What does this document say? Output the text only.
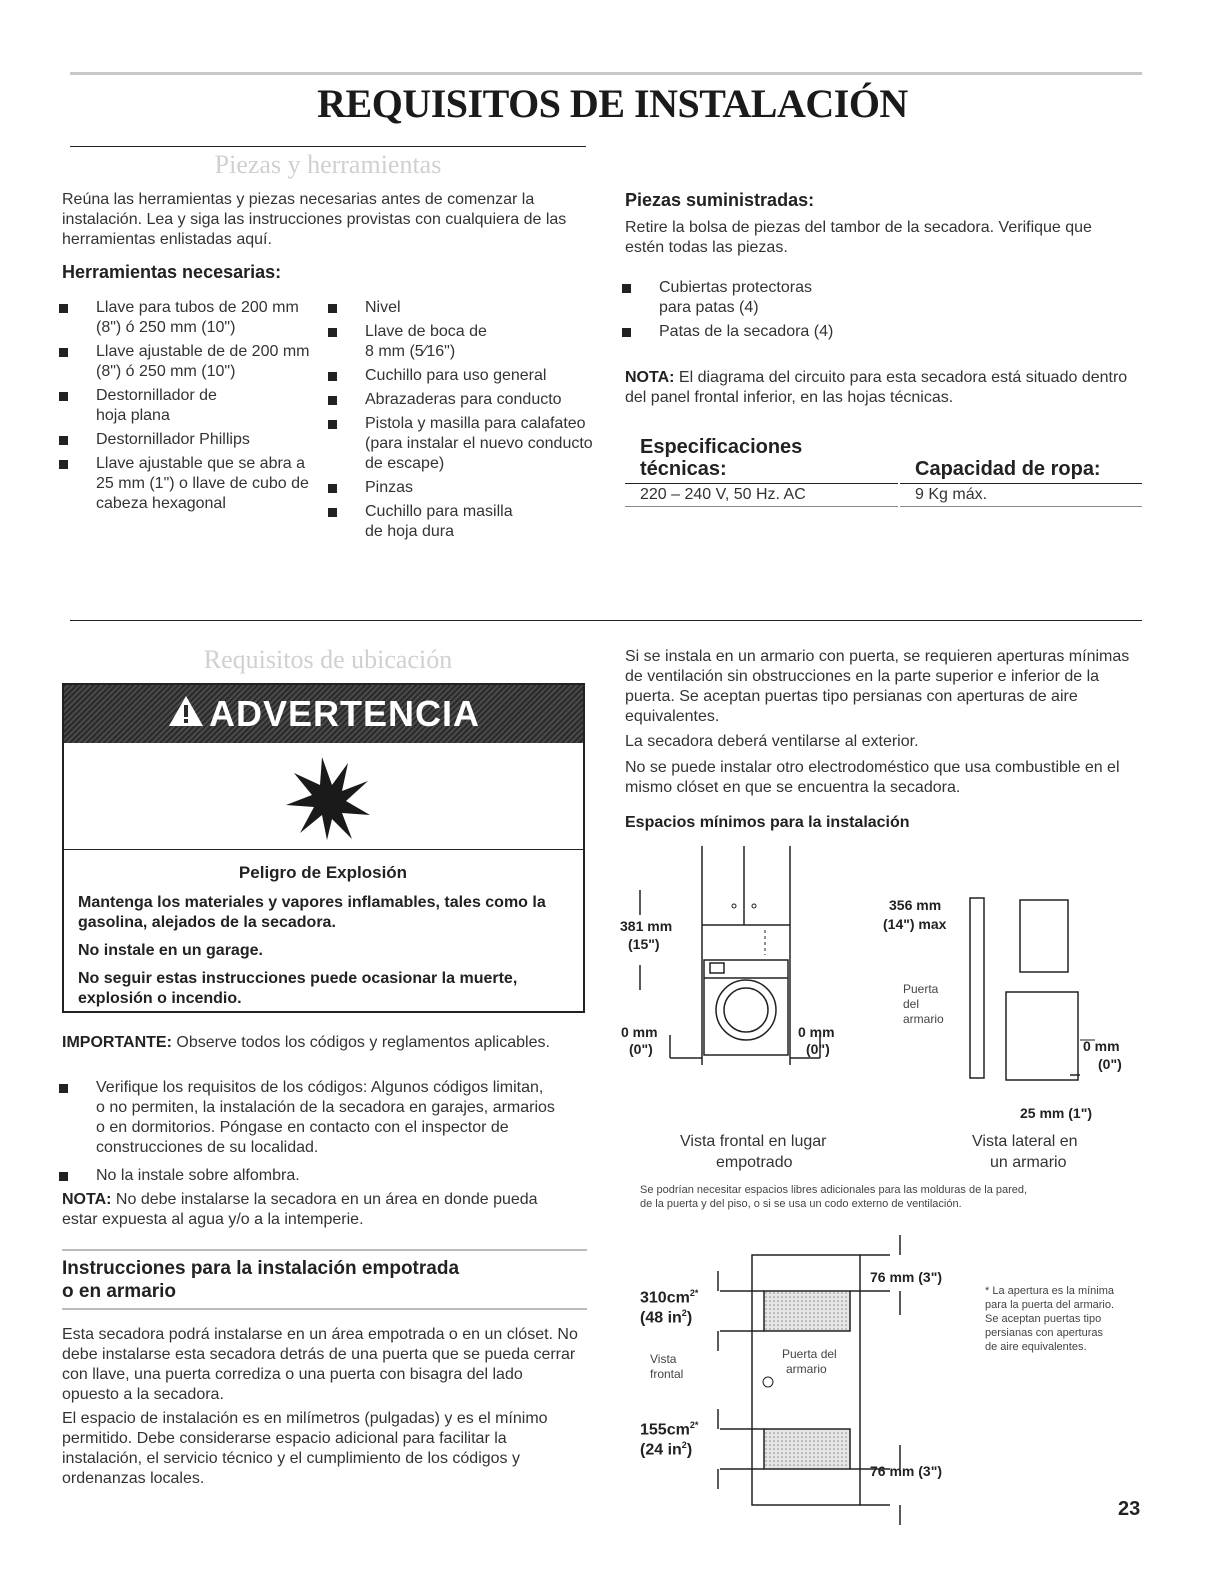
REQUISITOS DE INSTALACIÓN
Piezas y herramientas
Reúna las herramientas y piezas necesarias antes de comenzar la instalación. Lea y siga las instrucciones provistas con cualquiera de las herramientas enlistadas aquí.
Herramientas necesarias:
Llave para tubos de 200 mm (8") ó 250 mm (10")
Llave ajustable de de 200 mm (8") ó 250 mm (10")
Destornillador de hoja plana
Destornillador Phillips
Llave ajustable que se abra a 25 mm (1") o llave de cubo de cabeza hexagonal
Nivel
Llave de boca de 8 mm (5⁄16")
Cuchillo para uso general
Abrazaderas para conducto
Pistola y masilla para calafateo (para instalar el nuevo conducto de escape)
Pinzas
Cuchillo para masilla de hoja dura
Piezas suministradas:
Retire la bolsa de piezas del tambor de la secadora. Verifique que estén todas las piezas.
Cubiertas protectoras para patas (4)
Patas de la secadora (4)
NOTA: El diagrama del circuito para esta secadora está situado dentro del panel frontal inferior, en las hojas técnicas.
Especificaciones
técnicas:
220 – 240 V, 50 Hz. AC
Capacidad de ropa:
9 Kg máx.
Requisitos de ubicación
ADVERTENCIA
Peligro de Explosión
Mantenga los materiales y vapores inflamables, tales como la gasolina, alejados de la secadora.
No instale en un garage.
No seguir estas instrucciones puede ocasionar la muerte, explosión o incendio.
IMPORTANTE: Observe todos los códigos y reglamentos aplicables.
Verifique los requisitos de los códigos: Algunos códigos limitan, o no permiten, la instalación de la secadora en garajes, armarios o en dormitorios. Póngase en contacto con el inspector de construcciones de su localidad.
No la instale sobre alfombra.
NOTA: No debe instalarse la secadora en un área en donde pueda estar expuesta al agua y/o a la intemperie.
Instrucciones para la instalación empotrada
o en armario
Esta secadora podrá instalarse en un área empotrada o en un clóset. No debe instalarse esta secadora detrás de una puerta que se pueda cerrar con llave, una puerta corrediza o una puerta con bisagra del lado opuesto a la secadora.
El espacio de instalación es en milímetros (pulgadas) y es el mínimo permitido. Debe considerarse espacio adicional para facilitar la instalación, el servicio técnico y el cumplimiento de los códigos y ordenanzas locales.
Si se instala en un armario con puerta, se requieren aperturas mínimas de ventilación sin obstrucciones en la parte superior e inferior de la puerta. Se aceptan puertas tipo persianas con aperturas de aire equivalentes.
La secadora deberá ventilarse al exterior.
No se puede instalar otro electrodoméstico que usa combustible en el mismo clóset en que se encuentra la secadora.
Espacios mínimos para la instalación
381 mm
(15")
0 mm
(0")
0 mm
(0")
Vista frontal en lugar
empotrado
356 mm
(14") max
Puerta
del
armario
0 mm
(0")
25 mm (1")
Vista lateral en
un armario
Se podrían necesitar espacios libres adicionales para las molduras de la pared,
de la puerta y del piso, o si se usa un codo externo de ventilación.
$310cm^{2*}$
(48 $in^2$)
Vista
frontal
Puerta del
armario
$155cm^{2*}$
(24 $in^2$)
76 mm (3")
76 mm (3")
* La apertura es la mínima
para la puerta del armario.
Se aceptan puertas tipo
persianas con aperturas
de aire equivalentes.
23
